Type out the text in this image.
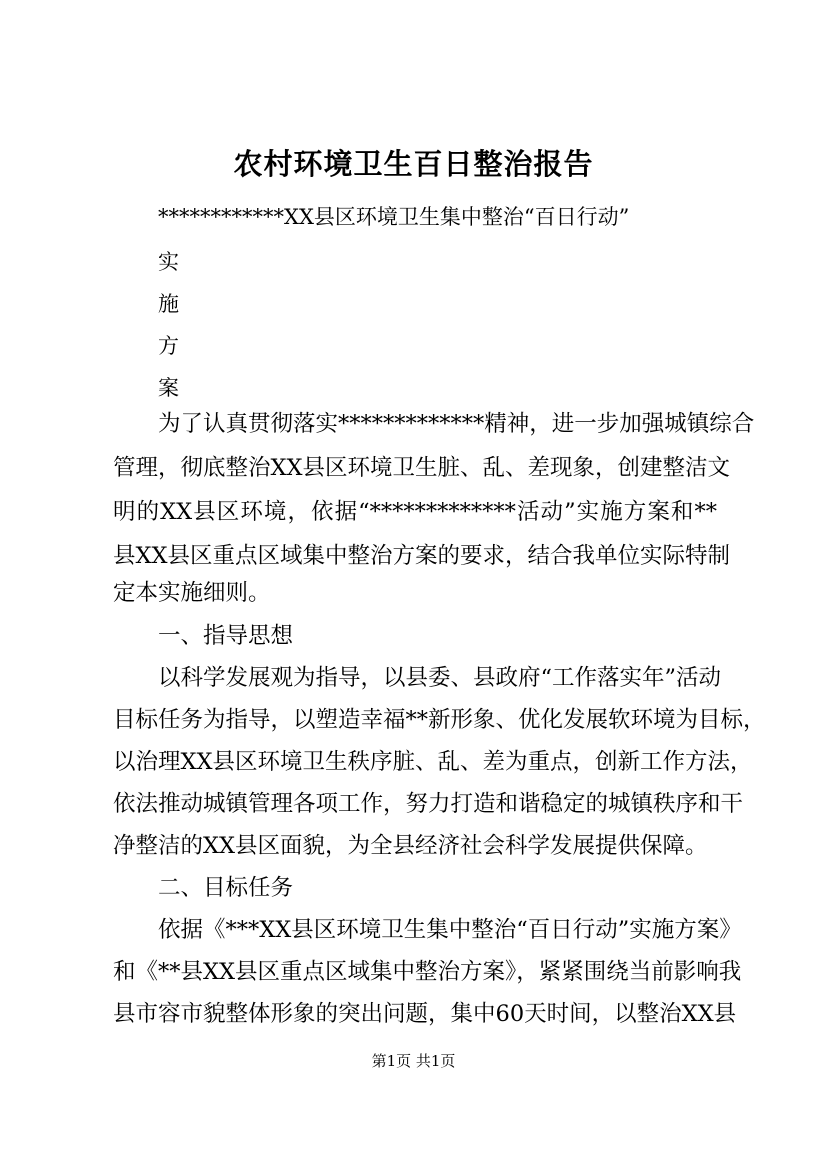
农村环境卫生百日整治报告
************XX县区环境卫生集中整治“百日行动”
实
施
方
案
为了认真贯彻落实*************精神，进一步加强城镇综合
管理，彻底整治XX县区环境卫生脏、乱、差现象，创建整洁文
明的XX县区环境，依据“*************活动”实施方案和**
县XX县区重点区域集中整治方案的要求，结合我单位实际特制
定本实施细则。
一、指导思想
以科学发展观为指导，以县委、县政府“工作落实年”活动
目标任务为指导，以塑造幸福**新形象、优化发展软环境为目标，
以治理XX县区环境卫生秩序脏、乱、差为重点，创新工作方法，
依法推动城镇管理各项工作，努力打造和谐稳定的城镇秩序和干
净整洁的XX县区面貌，为全县经济社会科学发展提供保障。
二、目标任务
依据《***XX县区环境卫生集中整治“百日行动”实施方案》
和《**县XX县区重点区域集中整治方案》，紧紧围绕当前影响我
县市容市貌整体形象的突出问题，集中60天时间，以整治XX县
第1页 共1页
